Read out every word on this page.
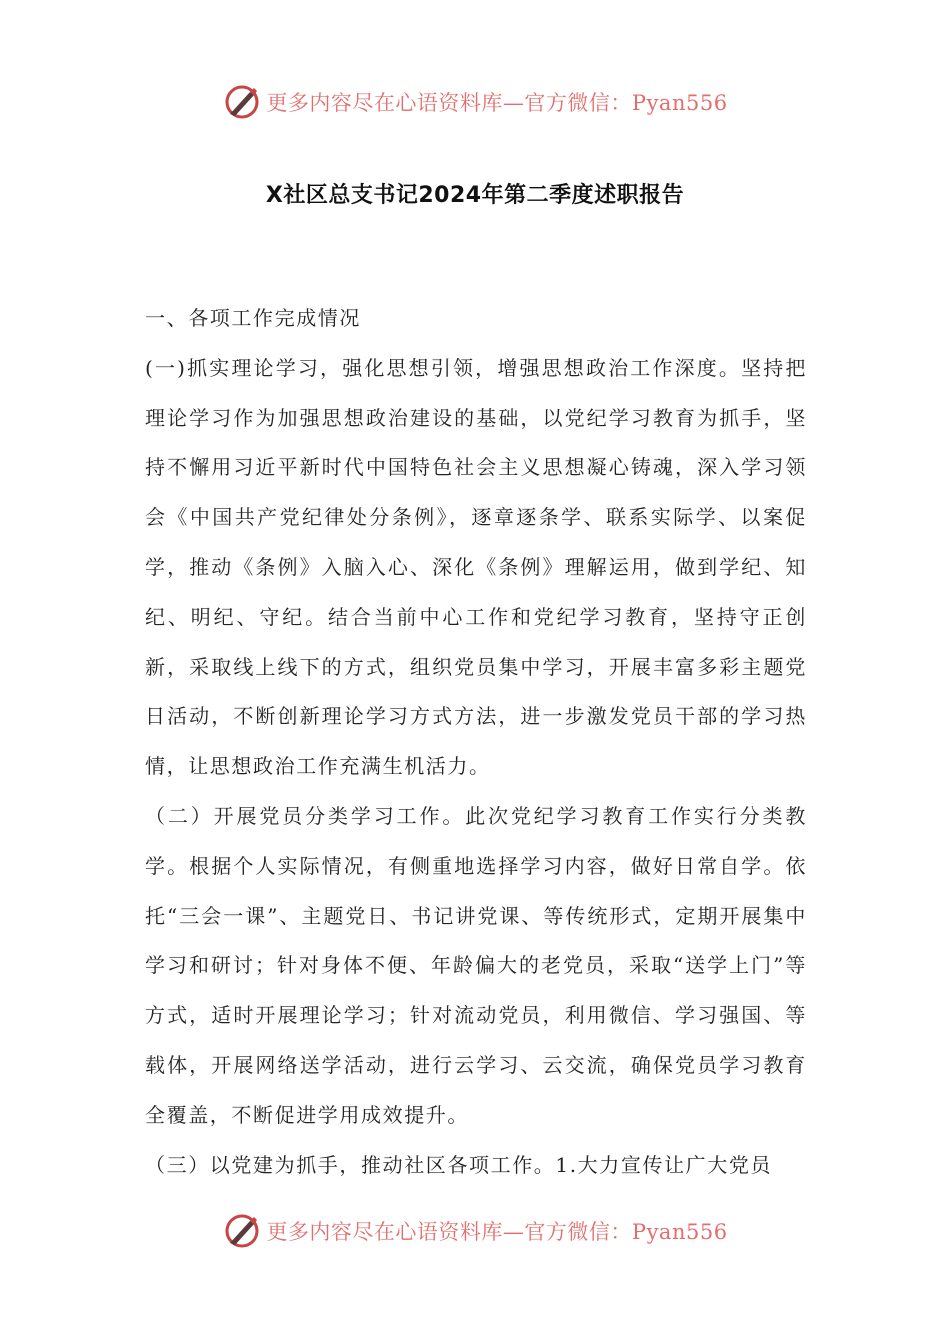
更多内容尽在心语资料库—官方微信：Pyan556
X社区总支书记2024年第二季度述职报告

一、各项工作完成情况

(一)抓实理论学习，强化思想引领，增强思想政治工作深度。坚持把理论学习作为加强思想政治建设的基础，以党纪学习教育为抓手，坚持不懈用习近平新时代中国特色社会主义思想凝心铸魂，深入学习领会《中国共产党纪律处分条例》，逐章逐条学、联系实际学、以案促学，推动《条例》入脑入心、深化《条例》理解运用，做到学纪、知纪、明纪、守纪。结合当前中心工作和党纪学习教育，坚持守正创新，采取线上线下的方式，组织党员集中学习，开展丰富多彩主题党日活动，不断创新理论学习方式方法，进一步激发党员干部的学习热情，让思想政治工作充满生机活力。

（二）开展党员分类学习工作。此次党纪学习教育工作实行分类教学。根据个人实际情况，有侧重地选择学习内容，做好日常自学。依托“三会一课”、主题党日、书记讲党课、等传统形式，定期开展集中学习和研讨；针对身体不便、年龄偏大的老党员，采取“送学上门”等方式，适时开展理论学习；针对流动党员，利用微信、学习强国、等载体，开展网络送学活动，进行云学习、云交流，确保党员学习教育全覆盖，不断促进学用成效提升。

（三）以党建为抓手，推动社区各项工作。1.大力宣传让广大党员

更多内容尽在心语资料库—官方微信：Pyan556
